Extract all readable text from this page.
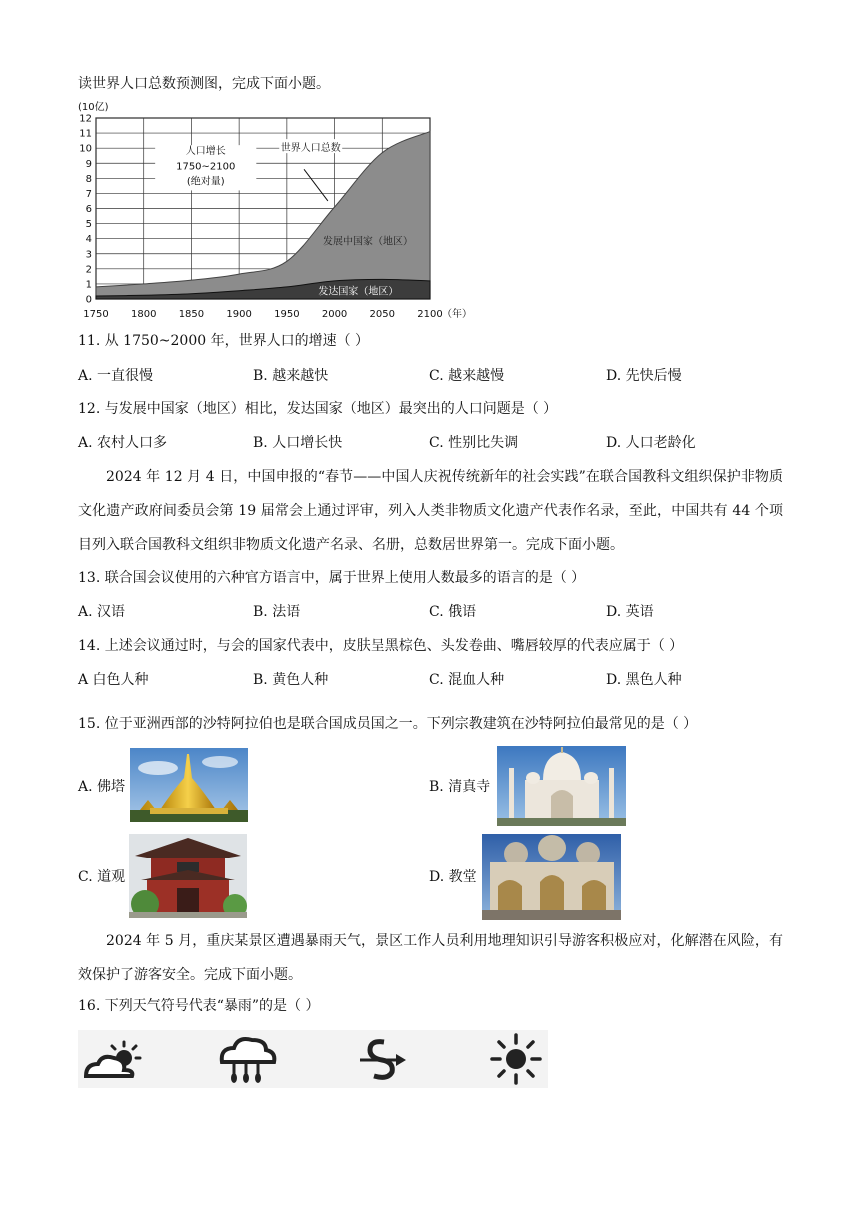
读世界人口总数预测图，完成下面小题。
0
1
2
3
4
5
6
7
8
9
10
11
12
1750 1800 1850 1900 1950 2000 2050 2100
(10亿)
（年）
人口增长
1750~2100
(绝对量)
世界人口总数
发展中国家（地区）
发达国家（地区）
11. 从 1750~2000 年，世界人口的增速（ ）
A. 一直很慢	B. 越来越快	C. 越来越慢	D. 先快后慢
12. 与发展中国家（地区）相比，发达国家（地区）最突出的人口问题是（ ）
A. 农村人口多	B. 人口增长快	C. 性别比失调	D. 人口老龄化
2024 年 12 月 4 日，中国申报的“春节——中国人庆祝传统新年的社会实践”在联合国教科文组织保护非物质文化遗产政府间委员会第 19 届常会上通过评审，列入人类非物质文化遗产代表作名录，至此，中国共有 44 个项目列入联合国教科文组织非物质文化遗产名录、名册，总数居世界第一。完成下面小题。
13. 联合国会议使用的六种官方语言中，属于世界上使用人数最多的语言的是（ ）
A. 汉语	B. 法语	C. 俄语	D. 英语
14. 上述会议通过时，与会的国家代表中，皮肤呈黑棕色、头发卷曲、嘴唇较厚的代表应属于（ ）
A 白色人种	B. 黄色人种	C. 混血人种	D. 黑色人种
15. 位于亚洲西部的沙特阿拉伯也是联合国成员国之一。下列宗教建筑在沙特阿拉伯最常见的是（ ）
A. 佛塔	B. 清真寺
C. 道观	D. 教堂
2024 年 5 月，重庆某景区遭遇暴雨天气，景区工作人员利用地理知识引导游客积极应对，化解潜在风险，有效保护了游客安全。完成下面小题。
16. 下列天气符号代表“暴雨”的是（ ）
